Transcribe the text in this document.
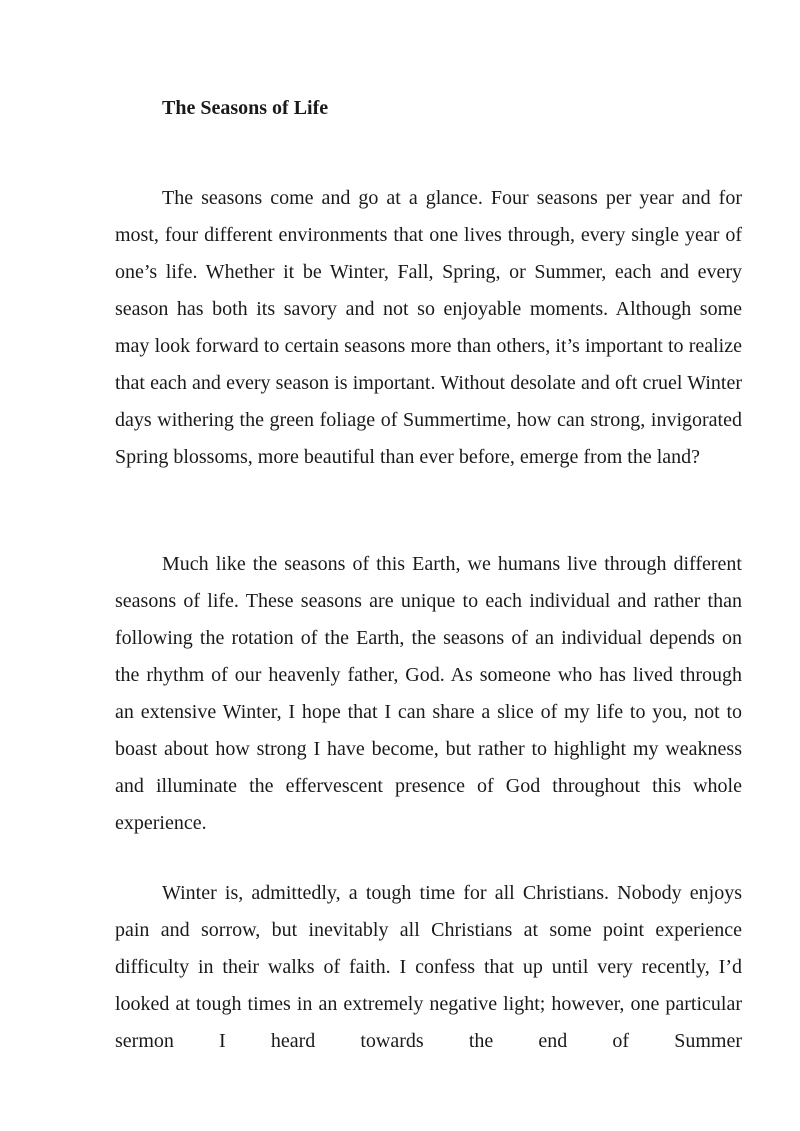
The Seasons of Life

The seasons come and go at a glance. Four seasons per year and for most, four different environments that one lives through, every single year of one’s life. Whether it be Winter, Fall, Spring, or Summer, each and every season has both its savory and not so enjoyable moments. Although some may look forward to certain seasons more than others, it’s important to realize that each and every season is important. Without desolate and oft cruel Winter days withering the green foliage of Summertime, how can strong, invigorated Spring blossoms, more beautiful than ever before, emerge from the land?

Much like the seasons of this Earth, we humans live through different seasons of life. These seasons are unique to each individual and rather than following the rotation of the Earth, the seasons of an individual depends on the rhythm of our heavenly father, God. As someone who has lived through an extensive Winter, I hope that I can share a slice of my life to you, not to boast about how strong I have become, but rather to highlight my weakness and illuminate the effervescent presence of God throughout this whole experience.

Winter is, admittedly, a tough time for all Christians. Nobody enjoys pain and sorrow, but inevitably all Christians at some point experience difficulty in their walks of faith. I confess that up until very recently, I’d looked at tough times in an extremely negative light; however, one particular sermon I heard towards the end of Summer
